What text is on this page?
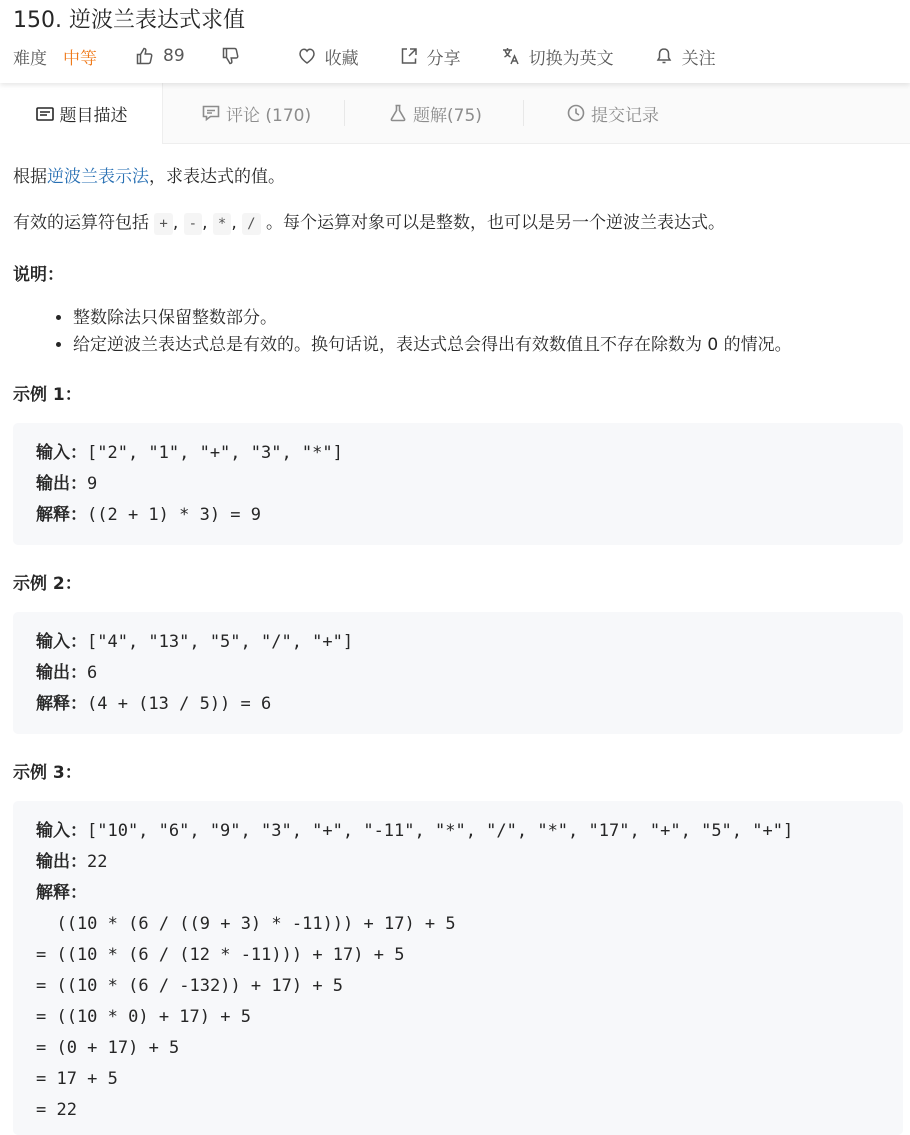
150. 逆波兰表达式求值
难度 中等	89	收藏	分享	切换为英文	关注
题目描述	评论 (170)	题解(75)	提交记录

根据逆波兰表示法，求表达式的值。

有效的运算符包括 + , - , * , / 。每个运算对象可以是整数，也可以是另一个逆波兰表达式。

说明：
• 整数除法只保留整数部分。
• 给定逆波兰表达式总是有效的。换句话说，表达式总会得出有效数值且不存在除数为 0 的情况。
示例 1：
输入：["2", "1", "+", "3", "*"]
输出：9
解释：((2 + 1) * 3) = 9
示例 2：
输入：["4", "13", "5", "/", "+"]
输出：6
解释：(4 + (13 / 5)) = 6
示例 3：
输入：["10", "6", "9", "3", "+", "-11", "*", "/", "*", "17", "+", "5", "+"]
输出：22
解释：
((10 * (6 / ((9 + 3) * -11))) + 17) + 5
= ((10 * (6 / (12 * -11))) + 17) + 5
= ((10 * (6 / -132)) + 17) + 5
= ((10 * 0) + 17) + 5
= (0 + 17) + 5
= 17 + 5
= 22
